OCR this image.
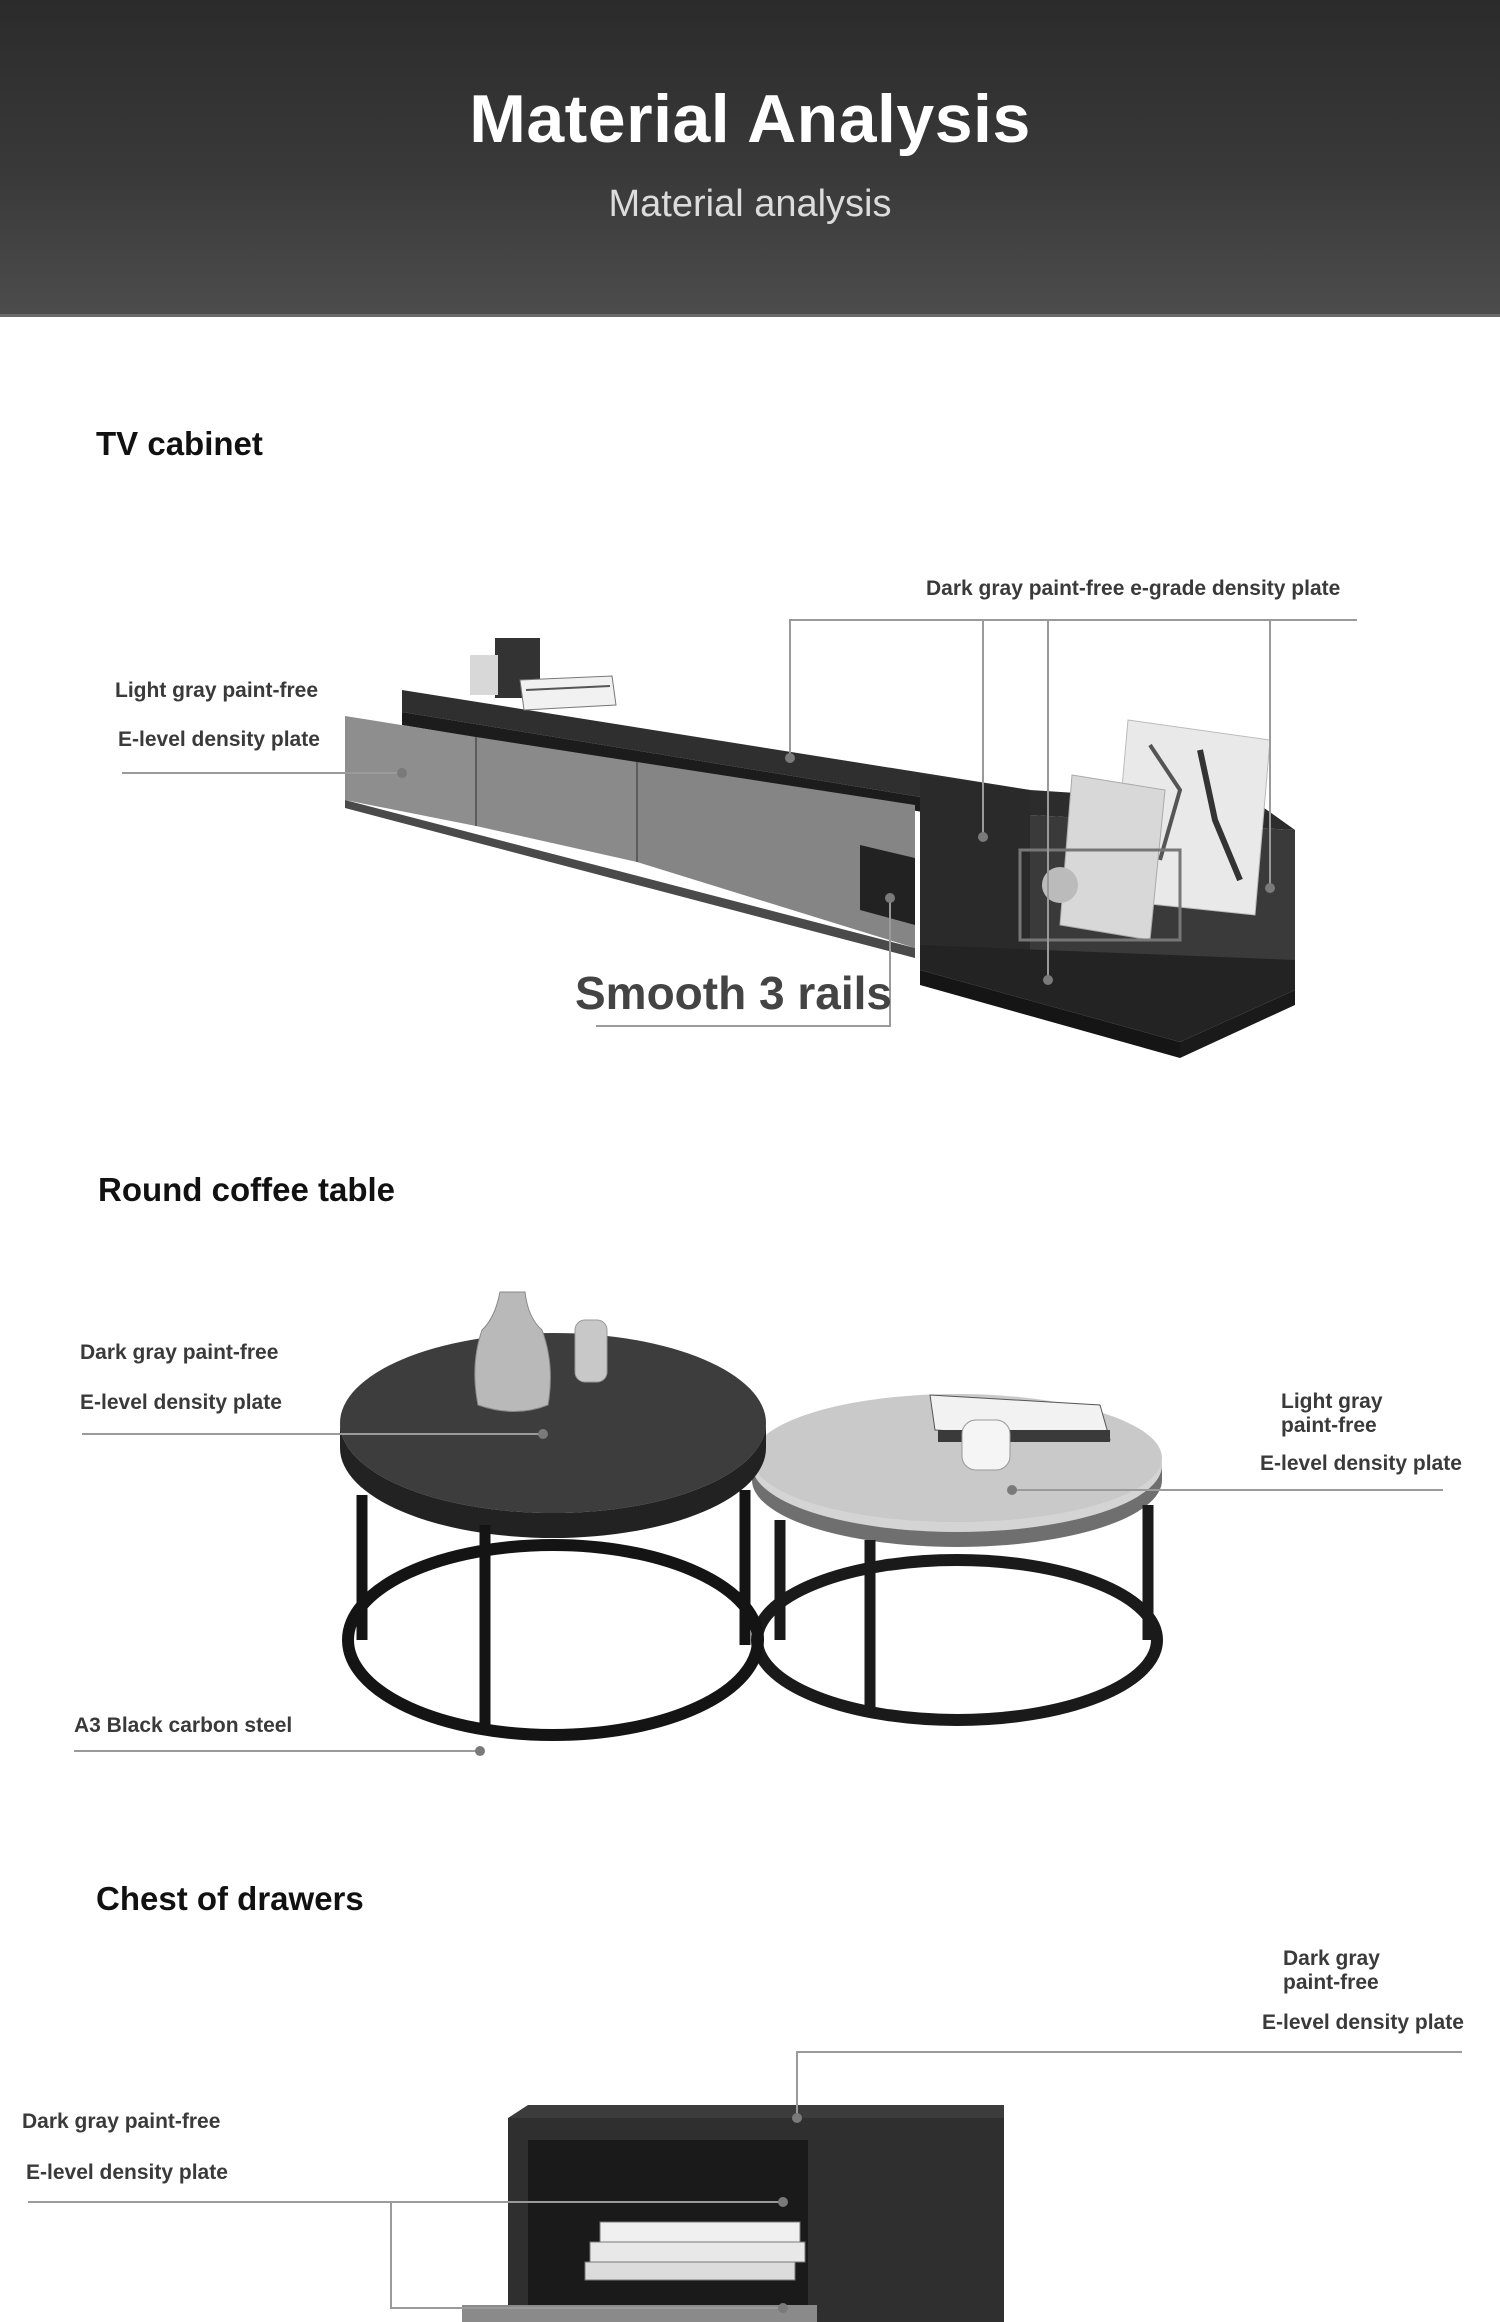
Material Analysis
Material analysis
TV cabinet
Dark gray paint-free e-grade density plate
Light gray paint-free
E-level density plate
Smooth 3 rails
Round coffee table
Dark gray paint-free
E-level density plate	Light gray
paint-free
E-level density plate
A3 Black carbon steel
Chest of drawers
Dark gray
paint-free
E-level density plate
Dark gray paint-free
E-level density plate
